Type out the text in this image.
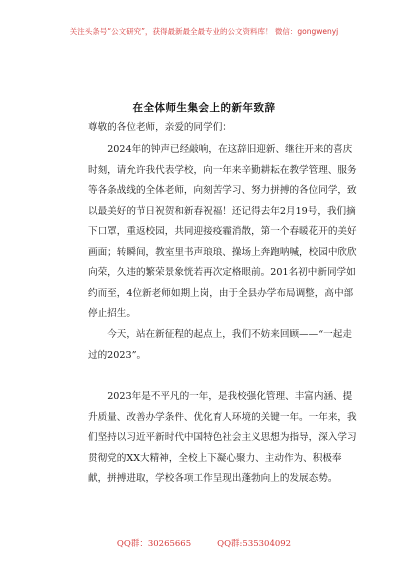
关注头条号“公文研究”，获得最新最全最专业的公文资料库！ 微信：gongwenyj
在全体师生集会上的新年致辞
尊敬的各位老师，亲爱的同学们：

2024年的钟声已经敲响，在这辞旧迎新、继往开来的喜庆时刻，请允许我代表学校，向一年来辛勤耕耘在教学管理、服务等各条战线的全体老师，向刻苦学习、努力拼搏的各位同学，致以最美好的节日祝贺和新春祝福！还记得去年2月19号，我们摘下口罩，重返校园，共同迎接疫霾消散，第一个春暖花开的美好画面；转瞬间，教室里书声琅琅、操场上奔跑呐喊，校园中欣欣向荣，久违的繁荣景象恍若再次定格眼前。201名初中新同学如约而至，4位新老师如期上岗，由于全县办学布局调整，高中部停止招生。

今天，站在新征程的起点上，我们不妨来回顾——“一起走过的2023”。

2023年是不平凡的一年，是我校强化管理、丰富内涵、提升质量、改善办学条件、优化育人环境的关键一年。一年来，我们坚持以习近平新时代中国特色社会主义思想为指导，深入学习贯彻党的XX大精神，全校上下凝心聚力、主动作为、积极奉献，拼搏进取，学校各项工作呈现出蓬勃向上的发展态势。

QQ群：30265665	QQ群:535304092
